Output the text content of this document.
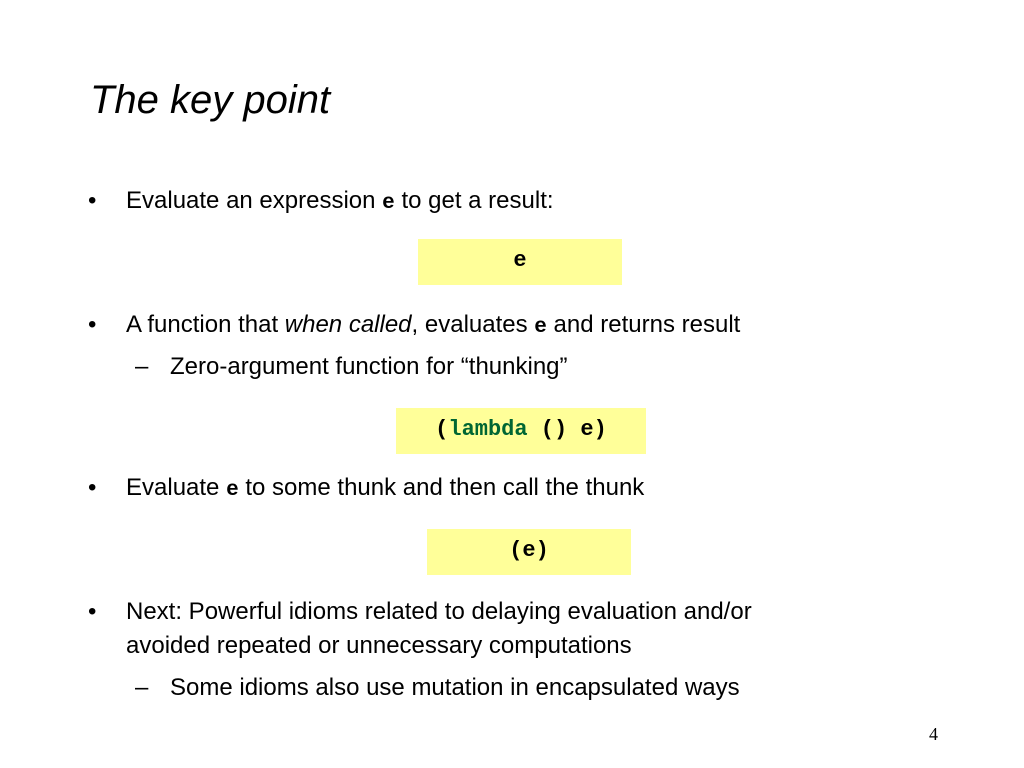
The key point
• Evaluate an expression e to get a result:
e
• A function that when called, evaluates e and returns result
– Zero-argument function for “thunking”
(lambda () e)
• Evaluate e to some thunk and then call the thunk
(e)
• Next: Powerful idioms related to delaying evaluation and/or
avoided repeated or unnecessary computations
– Some idioms also use mutation in encapsulated ways
4
